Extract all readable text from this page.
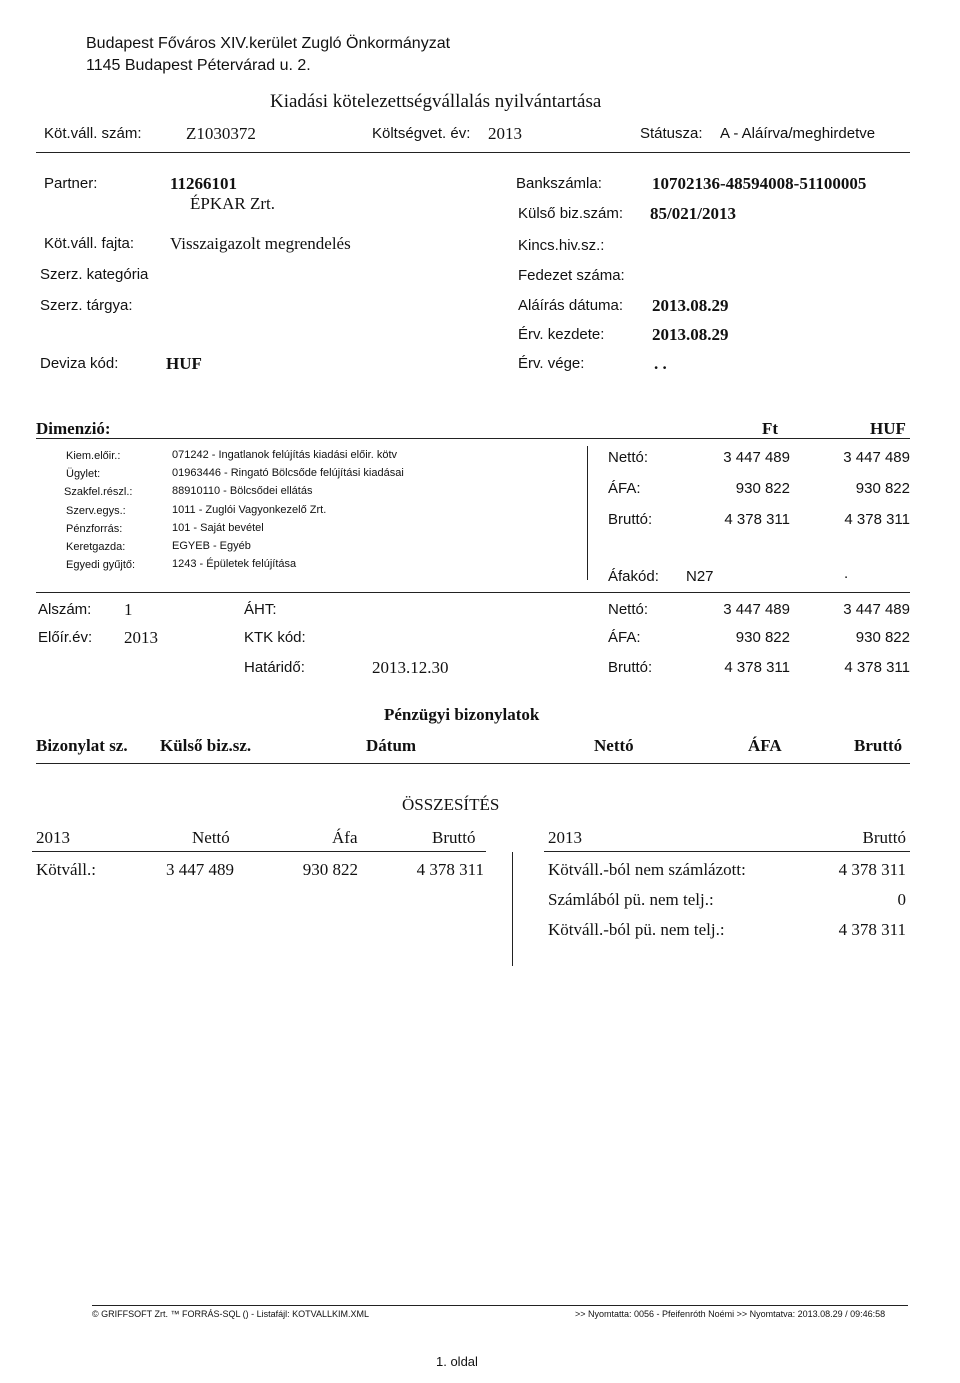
Budapest Főváros XIV.kerület Zugló Önkormányzat
1145 Budapest Pétervárad u. 2.
Kiadási kötelezettségvállalás nyilvántartása
Köt.váll. szám:	Z1030372	Költségvet. év: 2013	Státusza: A - Aláírva/meghirdetve
Partner:	11266101
ÉPKAR Zrt.
Köt.váll. fajta: Visszaigazolt megrendelés
Szerz. kategória
Szerz. tárgya:
Deviza kód:	HUF
Bankszámla:	10702136-48594008-51100005
Külső biz.szám: 85/021/2013
Kincs.hiv.sz.:
Fedezet száma:
Aláírás dátuma: 2013.08.29
Érv. kezdete:	2013.08.29
Érv. vége:	. .
Dimenzió:	Ft	HUF
Kiem.előir.:	071242 - Ingatlanok felújítás kiadási előir. kötv
Ügylet:	01963446 - Ringató Bölcsőde felújítási kiadásai
Szakfel.részl.:	88910110 - Bölcsődei ellátás
Szerv.egys.:	1011 - Zuglói Vagyonkezelő Zrt.
Pénzforrás:	101 - Saját bevétel
Keretgazda:	EGYEB - Egyéb
Egyedi gyűjtő:	1243 - Épületek felújítása
Nettó:	3 447 489	3 447 489
ÁFA:	930 822	930 822
Bruttó:	4 378 311	4 378 311
Áfakód: N27	.
Alszám: 1
Előír.év: 2013
ÁHT:
KTK kód:
Határidő:	2013.12.30
Nettó:	3 447 489	3 447 489
ÁFA:	930 822	930 822
Bruttó:	4 378 311	4 378 311
Pénzügyi bizonylatok
Bizonylat sz. Külső biz.sz.	Dátum	Nettó	ÁFA	Bruttó
ÖSSZESÍTÉS
2013	Nettó	Áfa	Bruttó
Kötváll.:	3 447 489	930 822	4 378 311
2013	Bruttó
Kötváll.-ból nem számlázott:	4 378 311
Számlából pü. nem telj.:	0
Kötváll.-ból pü. nem telj.:	4 378 311
© GRIFFSOFT Zrt. ™ FORRÁS-SQL () - Listafájl: KOTVALLKIM.XML	>> Nyomtatta: 0056 - Pfeifenróth Noémi >> Nyomtatva: 2013.08.29 / 09:46:58
1. oldal
